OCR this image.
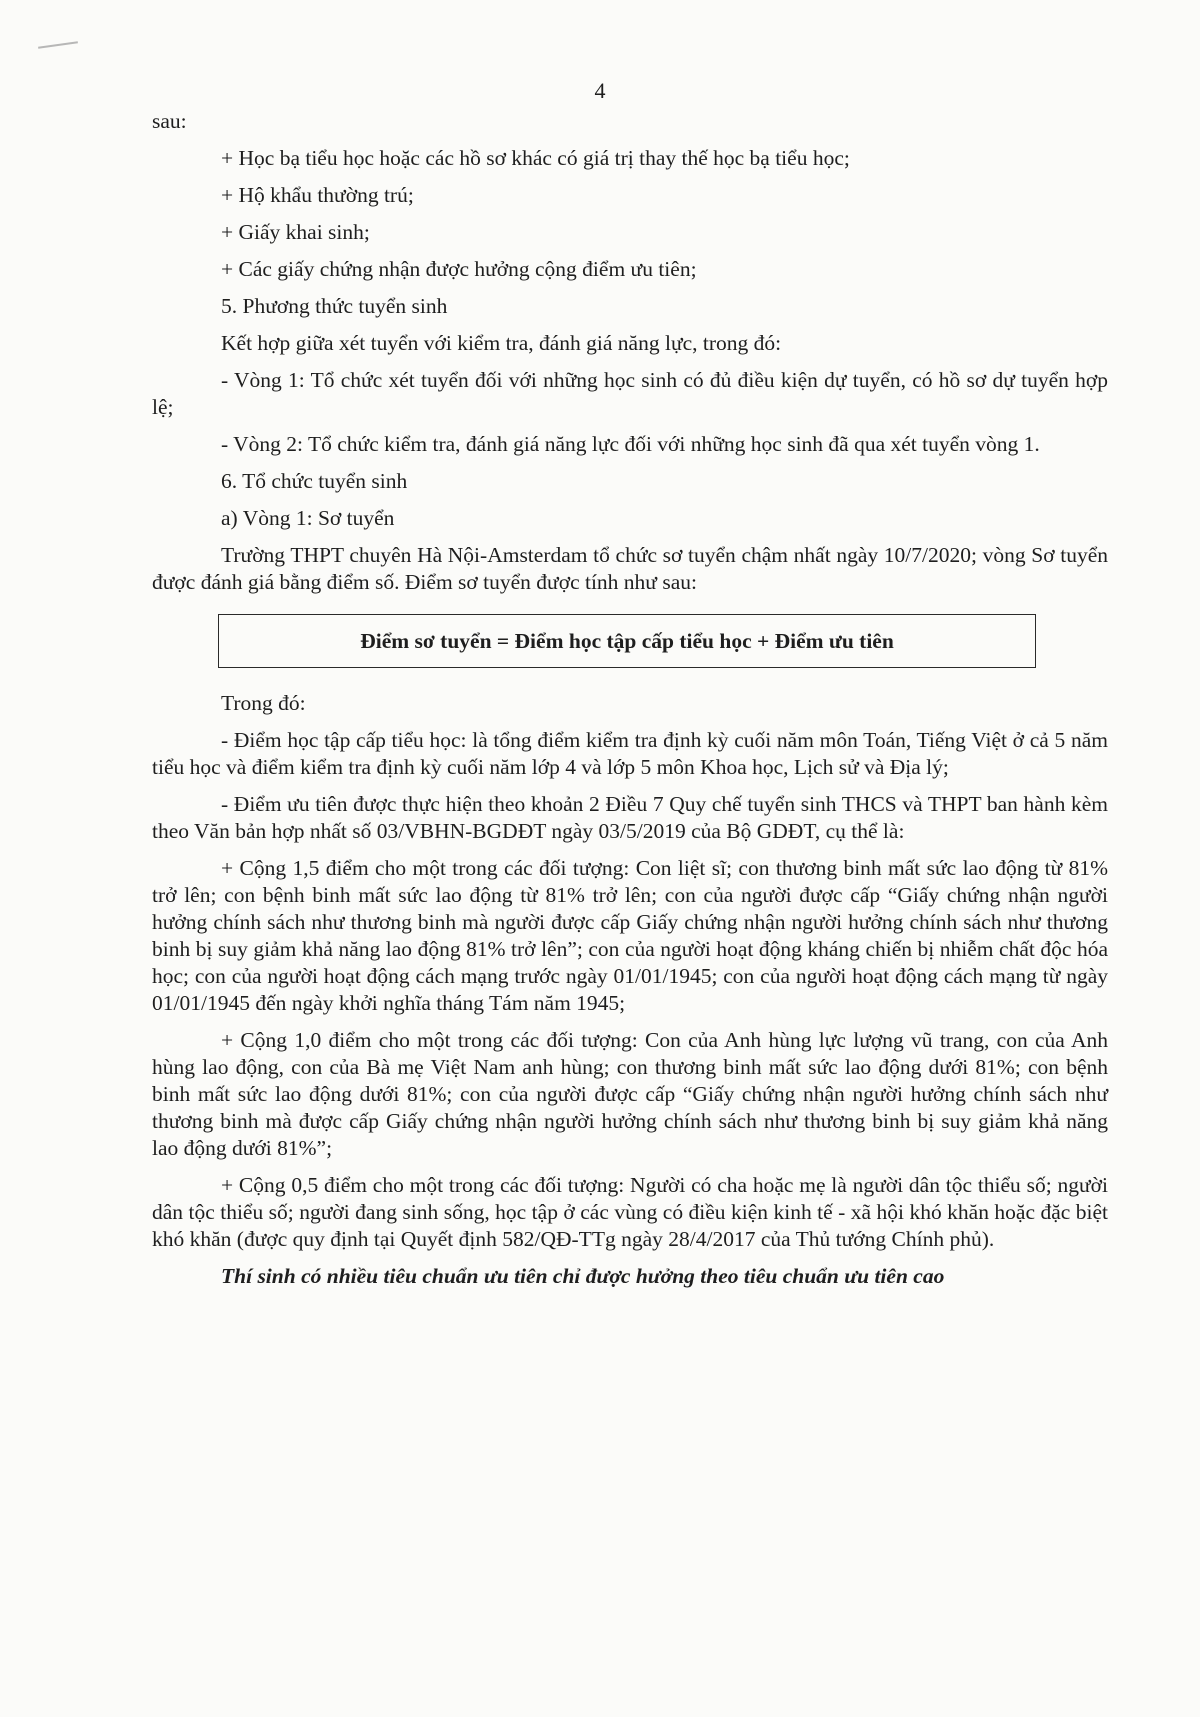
4

sau:

+ Học bạ tiểu học hoặc các hồ sơ khác có giá trị thay thế học bạ tiểu học;

+ Hộ khẩu thường trú;

+ Giấy khai sinh;

+ Các giấy chứng nhận được hưởng cộng điểm ưu tiên;

5. Phương thức tuyển sinh

Kết hợp giữa xét tuyển với kiểm tra, đánh giá năng lực, trong đó:

- Vòng 1: Tổ chức xét tuyển đối với những học sinh có đủ điều kiện dự tuyển, có hồ sơ dự tuyển hợp lệ;

- Vòng 2: Tổ chức kiểm tra, đánh giá năng lực đối với những học sinh đã qua xét tuyển vòng 1.

6. Tổ chức tuyển sinh

a) Vòng 1: Sơ tuyển

Trường THPT chuyên Hà Nội-Amsterdam tổ chức sơ tuyển chậm nhất ngày 10/7/2020; vòng Sơ tuyển được đánh giá bằng điểm số. Điểm sơ tuyển được tính như sau:

Điểm sơ tuyển = Điểm học tập cấp tiểu học + Điểm ưu tiên

Trong đó:

- Điểm học tập cấp tiểu học: là tổng điểm kiểm tra định kỳ cuối năm môn Toán, Tiếng Việt ở cả 5 năm tiểu học và điểm kiểm tra định kỳ cuối năm lớp 4 và lớp 5 môn Khoa học, Lịch sử và Địa lý;

- Điểm ưu tiên được thực hiện theo khoản 2 Điều 7 Quy chế tuyển sinh THCS và THPT ban hành kèm theo Văn bản hợp nhất số 03/VBHN-BGDĐT ngày 03/5/2019 của Bộ GDĐT, cụ thể là:

+ Cộng 1,5 điểm cho một trong các đối tượng: Con liệt sĩ; con thương binh mất sức lao động từ 81% trở lên; con bệnh binh mất sức lao động từ 81% trở lên; con của người được cấp “Giấy chứng nhận người hưởng chính sách như thương binh mà người được cấp Giấy chứng nhận người hưởng chính sách như thương binh bị suy giảm khả năng lao động 81% trở lên”; con của người hoạt động kháng chiến bị nhiễm chất độc hóa học; con của người hoạt động cách mạng trước ngày 01/01/1945; con của người hoạt động cách mạng từ ngày 01/01/1945 đến ngày khởi nghĩa tháng Tám năm 1945;

+ Cộng 1,0 điểm cho một trong các đối tượng: Con của Anh hùng lực lượng vũ trang, con của Anh hùng lao động, con của Bà mẹ Việt Nam anh hùng; con thương binh mất sức lao động dưới 81%; con bệnh binh mất sức lao động dưới 81%; con của người được cấp “Giấy chứng nhận người hưởng chính sách như thương binh mà được cấp Giấy chứng nhận người hưởng chính sách như thương binh bị suy giảm khả năng lao động dưới 81%”;

+ Cộng 0,5 điểm cho một trong các đối tượng: Người có cha hoặc mẹ là người dân tộc thiểu số; người dân tộc thiểu số; người đang sinh sống, học tập ở các vùng có điều kiện kinh tế - xã hội khó khăn hoặc đặc biệt khó khăn (được quy định tại Quyết định 582/QĐ-TTg ngày 28/4/2017 của Thủ tướng Chính phủ).

Thí sinh có nhiều tiêu chuẩn ưu tiên chỉ được hưởng theo tiêu chuẩn ưu tiên cao
